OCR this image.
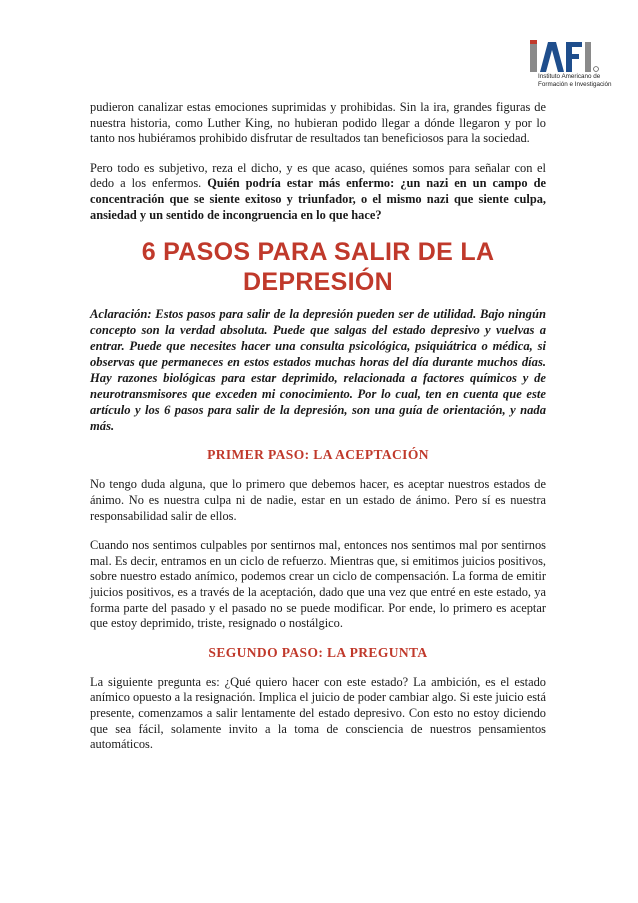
Instituto Americano de
Formación e Investigación

pudieron canalizar estas emociones suprimidas y prohibidas. Sin la ira, grandes figuras de nuestra historia, como Luther King, no hubieran podido llegar a dónde llegaron y por lo tanto nos hubiéramos prohibido disfrutar de resultados tan beneficiosos para la sociedad.

Pero todo es subjetivo, reza el dicho, y es que acaso, quiénes somos para señalar con el dedo a los enfermos. Quién podría estar más enfermo: ¿un nazi en un campo de concentración que se siente exitoso y triunfador, o el mismo nazi que siente culpa, ansiedad y un sentido de incongruencia en lo que hace?

6 PASOS PARA SALIR DE LA DEPRESIÓN

Aclaración: Estos pasos para salir de la depresión pueden ser de utilidad. Bajo ningún concepto son la verdad absoluta. Puede que salgas del estado depresivo y vuelvas a entrar. Puede que necesites hacer una consulta psicológica, psiquiátrica o médica, si observas que permaneces en estos estados muchas horas del día durante muchos días. Hay razones biológicas para estar deprimido, relacionada a factores químicos y de neurotransmisores que exceden mi conocimiento. Por lo cual, ten en cuenta que este artículo y los 6 pasos para salir de la depresión, son una guía de orientación, y nada más.

PRIMER PASO: LA ACEPTACIÓN

No tengo duda alguna, que lo primero que debemos hacer, es aceptar nuestros estados de ánimo. No es nuestra culpa ni de nadie, estar en un estado de ánimo. Pero sí es nuestra responsabilidad salir de ellos.

Cuando nos sentimos culpables por sentirnos mal, entonces nos sentimos mal por sentirnos mal. Es decir, entramos en un ciclo de refuerzo. Mientras que, si emitimos juicios positivos, sobre nuestro estado anímico, podemos crear un ciclo de compensación. La forma de emitir juicios positivos, es a través de la aceptación, dado que una vez que entré en este estado, ya forma parte del pasado y el pasado no se puede modificar. Por ende, lo primero es aceptar que estoy deprimido, triste, resignado o nostálgico.

SEGUNDO PASO: LA PREGUNTA

La siguiente pregunta es: ¿Qué quiero hacer con este estado? La ambición, es el estado anímico opuesto a la resignación. Implica el juicio de poder cambiar algo. Si este juicio está presente, comenzamos a salir lentamente del estado depresivo. Con esto no estoy diciendo que sea fácil, solamente invito a la toma de consciencia de nuestros pensamientos automáticos.
